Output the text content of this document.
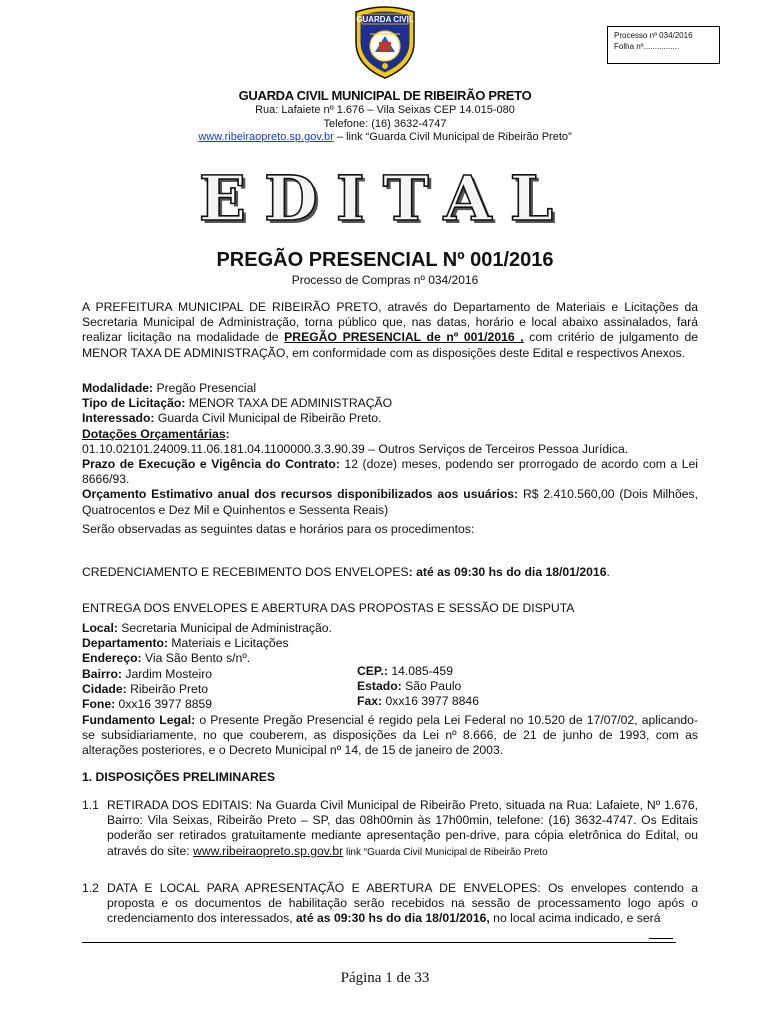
GUARDA CIVIL
Processo nº 034/2016
Folha nº................
GUARDA CIVIL MUNICIPAL DE RIBEIRÃO PRETO
Rua: Lafaiete nº 1.676 – Vila Seixas CEP 14.015-080
Telefone: (16) 3632-4747
www.ribeiraopreto.sp.gov.br – link “Guarda Civil Municipal de Ribeirão Preto”
EDITAL
PREGÃO PRESENCIAL Nº 001/2016
Processo de Compras nº 034/2016
A PREFEITURA MUNICIPAL DE RIBEIRÃO PRETO, através do Departamento de Materiais e Licitações da Secretaria Municipal de Administração, torna público que, nas datas, horário e local abaixo assinalados, fará realizar licitação na modalidade de PREGÃO PRESENCIAL de nº 001/2016 , com critério de julgamento de MENOR TAXA DE ADMINISTRAÇÃO, em conformidade com as disposições deste Edital e respectivos Anexos.
Modalidade: Pregão Presencial
Tipo de Licitação: MENOR TAXA DE ADMINISTRAÇÃO
Interessado: Guarda Civil Municipal de Ribeirão Preto.
Dotações Orçamentárias:
01.10.02101.24009.11.06.181.04.1100000.3.3.90.39 – Outros Serviços de Terceiros Pessoa Jurídica.
Prazo de Execução e Vigência do Contrato: 12 (doze) meses, podendo ser prorrogado de acordo com a Lei 8666/93.
Orçamento Estimativo anual dos recursos disponibilizados aos usuários: R$ 2.410.560,00 (Dois Milhões, Quatrocentos e Dez Mil e Quinhentos e Sessenta Reais)
Serão observadas as seguintes datas e horários para os procedimentos:
CREDENCIAMENTO E RECEBIMENTO DOS ENVELOPES: até as 09:30 hs do dia 18/01/2016.
ENTREGA DOS ENVELOPES E ABERTURA DAS PROPOSTAS E SESSÃO DE DISPUTA
Local: Secretaria Municipal de Administração.
Departamento: Materiais e Licitações
Endereço: Via São Bento s/nº.
Bairro: Jardim Mosteiro
Cidade: Ribeirão Preto
Fone: 0xx16 3977 8859
CEP.: 14.085-459
Estado: São Paulo
Fax: 0xx16 3977 8846
Fundamento Legal: o Presente Pregão Presencial é regido pela Lei Federal no 10.520 de 17/07/02, aplicando-se subsidiariamente, no que couberem, as disposições da Lei nº 8.666, de 21 de junho de 1993, com as alterações posteriores, e o Decreto Municipal nº 14, de 15 de janeiro de 2003.
1. DISPOSIÇÕES PRELIMINARES
1.1 RETIRADA DOS EDITAIS: Na Guarda Civil Municipal de Ribeirão Preto, situada na Rua: Lafaiete, Nº 1.676, Bairro: Vila Seixas, Ribeirão Preto – SP, das 08h00min às 17h00min, telefone: (16) 3632-4747. Os Editais poderão ser retirados gratuitamente mediante apresentação pen-drive, para cópia eletrônica do Edital, ou através do site: www.ribeiraopreto.sp.gov.br link “Guarda Civil Municipal de Ribeirão Preto
1.2 DATA E LOCAL PARA APRESENTAÇÃO E ABERTURA DE ENVELOPES: Os envelopes contendo a proposta e os documentos de habilitação serão recebidos na sessão de processamento logo após o credenciamento dos interessados, até as 09:30 hs do dia 18/01/2016, no local acima indicado, e será
Página 1 de 33
